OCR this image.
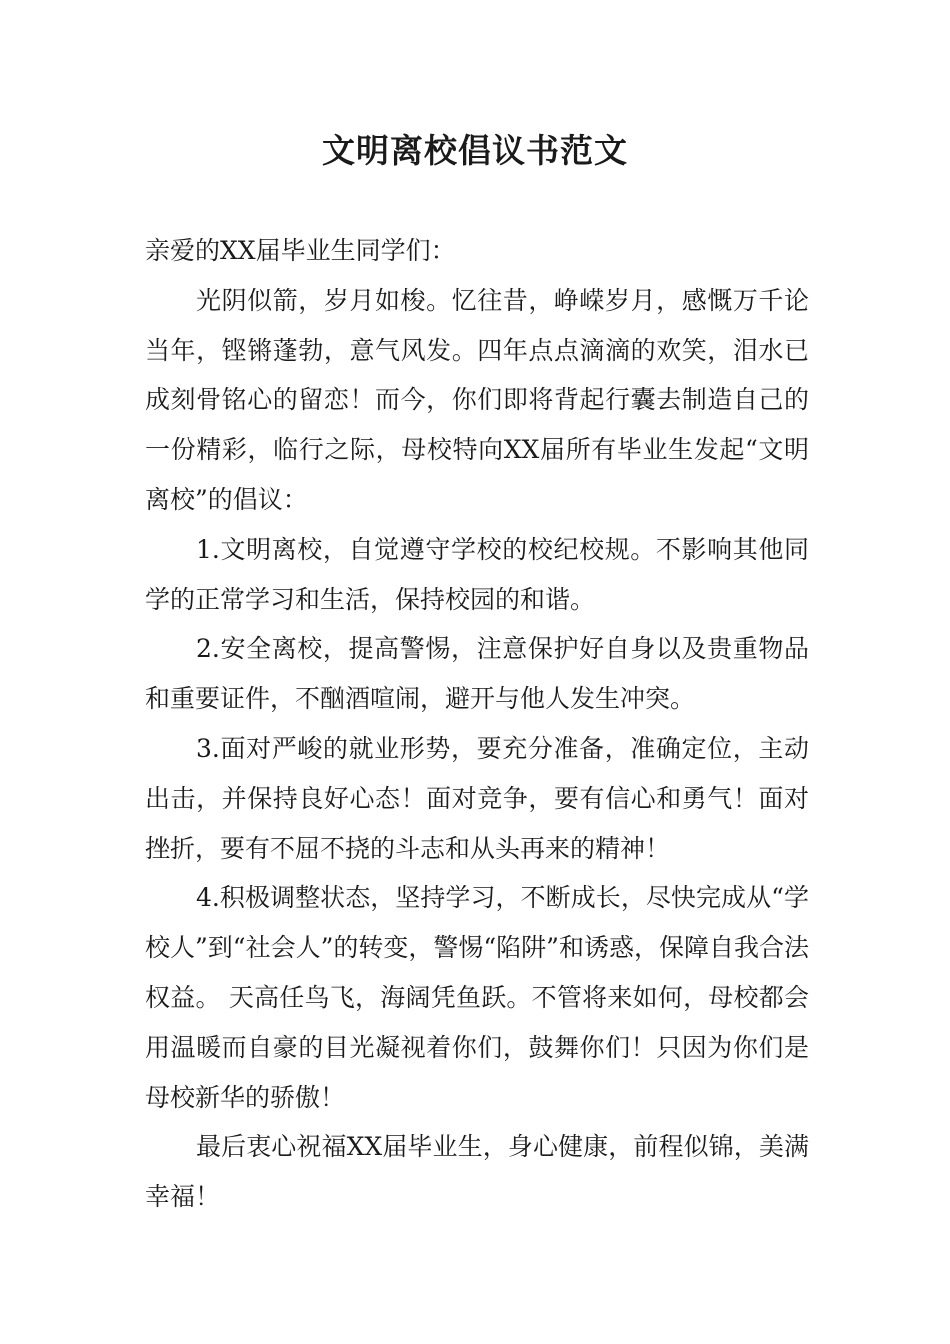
文明离校倡议书范文

亲爱的XX届毕业生同学们：

光阴似箭，岁月如梭。忆往昔，峥嵘岁月，感慨万千论当年，铿锵蓬勃，意气风发。四年点点滴滴的欢笑，泪水已成刻骨铭心的留恋！而今，你们即将背起行囊去制造自己的一份精彩，临行之际，母校特向XX届所有毕业生发起“文明离校”的倡议：

1.文明离校，自觉遵守学校的校纪校规。不影响其他同学的正常学习和生活，保持校园的和谐。

2.安全离校，提高警惕，注意保护好自身以及贵重物品和重要证件，不酗酒喧闹，避开与他人发生冲突。

3.面对严峻的就业形势，要充分准备，准确定位，主动出击，并保持良好心态！面对竞争，要有信心和勇气！面对挫折，要有不屈不挠的斗志和从头再来的精神！

4.积极调整状态，坚持学习，不断成长，尽快完成从“学校人”到“社会人”的转变，警惕“陷阱”和诱惑，保障自我合法权益。 天高任鸟飞，海阔凭鱼跃。不管将来如何，母校都会用温暖而自豪的目光凝视着你们，鼓舞你们！只因为你们是母校新华的骄傲！

最后衷心祝福XX届毕业生，身心健康，前程似锦，美满幸福！
